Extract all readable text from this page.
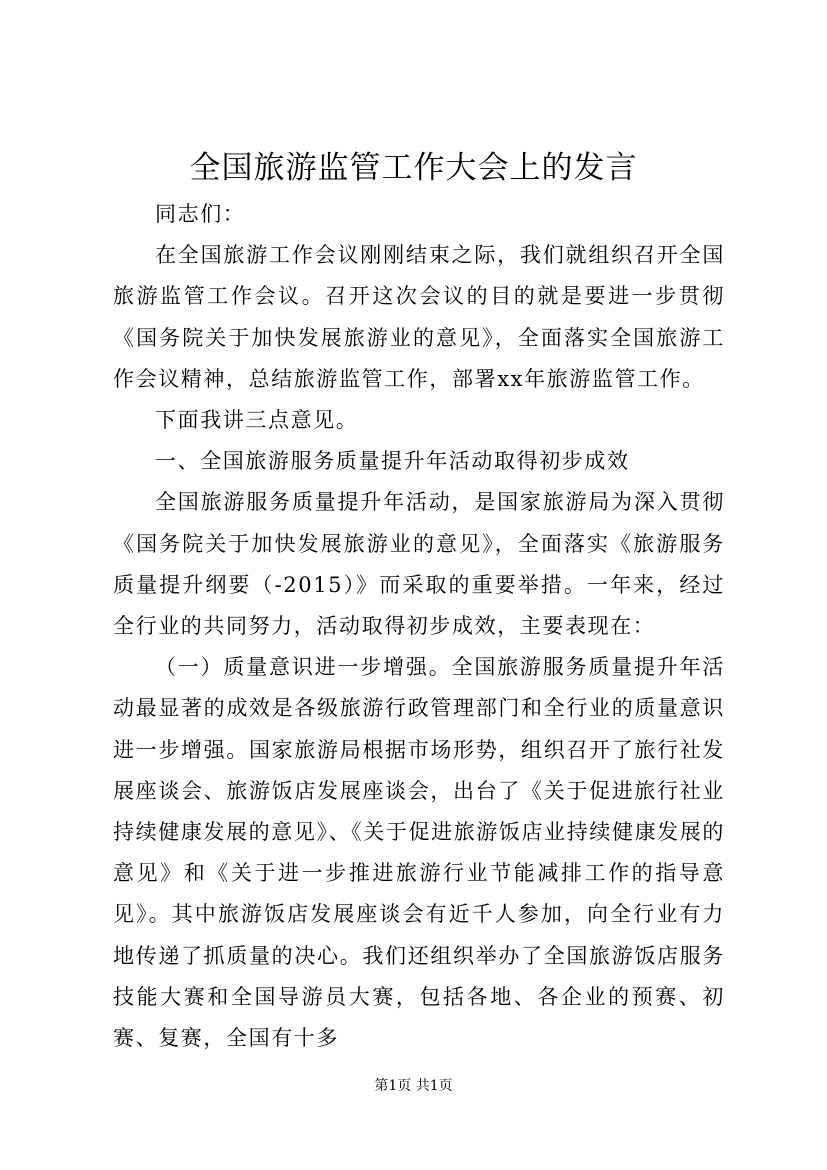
全国旅游监管工作大会上的发言

同志们：

在全国旅游工作会议刚刚结束之际，我们就组织召开全国旅游监管工作会议。召开这次会议的目的就是要进一步贯彻《国务院关于加快发展旅游业的意见》，全面落实全国旅游工作会议精神，总结旅游监管工作，部署xx年旅游监管工作。

下面我讲三点意见。

一、全国旅游服务质量提升年活动取得初步成效

全国旅游服务质量提升年活动，是国家旅游局为深入贯彻《国务院关于加快发展旅游业的意见》，全面落实《旅游服务质量提升纲要（-2015）》而采取的重要举措。一年来，经过全行业的共同努力，活动取得初步成效，主要表现在：

（一）质量意识进一步增强。全国旅游服务质量提升年活动最显著的成效是各级旅游行政管理部门和全行业的质量意识进一步增强。国家旅游局根据市场形势，组织召开了旅行社发展座谈会、旅游饭店发展座谈会，出台了《关于促进旅行社业持续健康发展的意见》、《关于促进旅游饭店业持续健康发展的意见》和《关于进一步推进旅游行业节能减排工作的指导意见》。其中旅游饭店发展座谈会有近千人参加，向全行业有力地传递了抓质量的决心。我们还组织举办了全国旅游饭店服务技能大赛和全国导游员大赛，包括各地、各企业的预赛、初赛、复赛，全国有十多

第1页 共1页
